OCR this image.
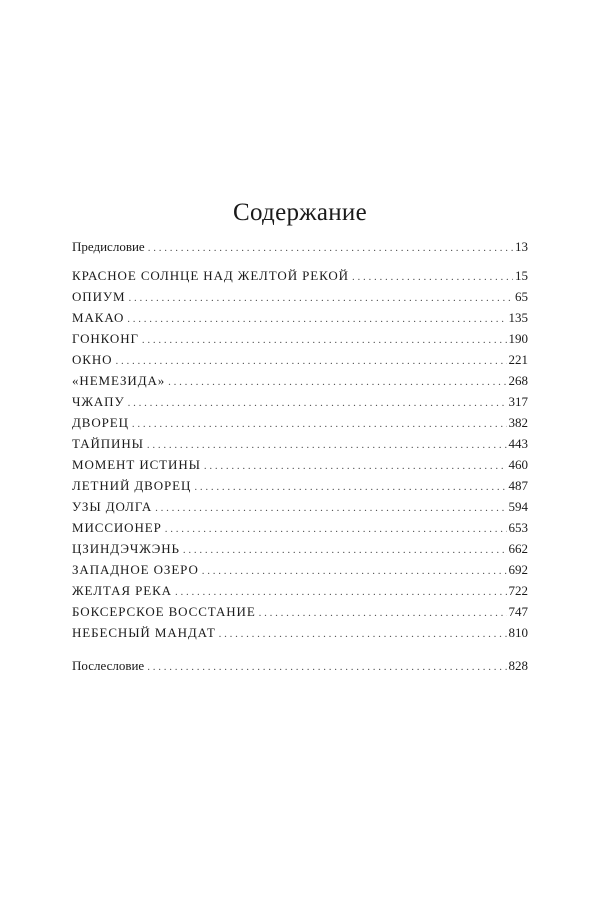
Содержание
Предисловие . . .	13
КРАСНОЕ СОЛНЦЕ НАД ЖЕЛТОЙ РЕКОЙ . . .	15
ОПИУМ . . .	65
МАКАО . . .	135
ГОНКОНГ . . .	190
ОКНО . . .	221
«НЕМЕЗИДА» . . .	268
ЧЖАПУ . . .	317
ДВОРЕЦ . . .	382
ТАЙПИНЫ . . .	443
МОМЕНТ ИСТИНЫ . . .	460
ЛЕТНИЙ ДВОРЕЦ . . .	487
УЗЫ ДОЛГА . . .	594
МИССИОНЕР . . .	653
ЦЗИНДЭЧЖЭНЬ . . .	662
ЗАПАДНОЕ ОЗЕРО . . .	692
ЖЕЛТАЯ РЕКА . . .	722
БОКСЕРСКОЕ ВОССТАНИЕ . . .	747
НЕБЕСНЫЙ МАНДАТ . . .	810
Послесловие . . .	828
